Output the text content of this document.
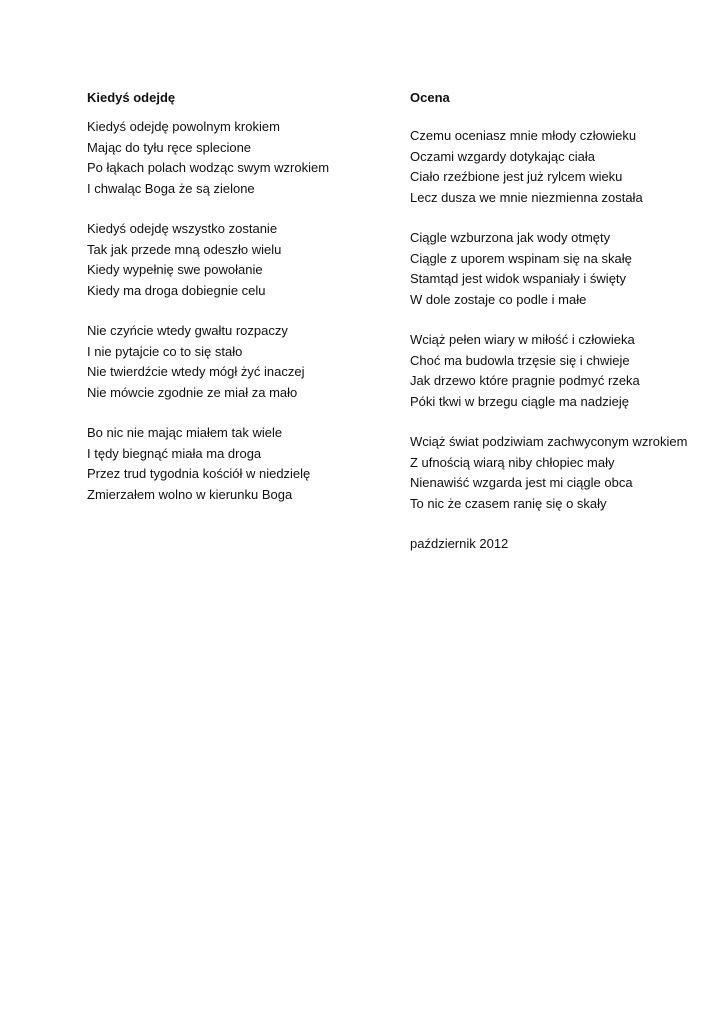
Kiedyś odejdę

Kiedyś odejdę powolnym krokiem
Mając do tyłu ręce splecione
Po łąkach polach wodząc swym wzrokiem
I chwaląc Boga że są zielone
Kiedyś odejdę wszystko zostanie
Tak jak przede mną odeszło wielu
Kiedy wypełnię swe powołanie
Kiedy ma droga dobiegnie celu
Nie czyńcie wtedy gwałtu rozpaczy
I nie pytajcie co to się stało
Nie twierdźcie wtedy mógł żyć inaczej
Nie mówcie zgodnie ze miał za mało
Bo nic nie mając miałem tak wiele
I tędy biegnąć miała ma droga
Przez trud tygodnia kościół w niedzielę
Zmierzałem wolno w kierunku Boga

Ocena

Czemu oceniasz mnie młody człowieku
Oczami wzgardy dotykając ciała
Ciało rzeźbione jest już rylcem wieku
Lecz dusza we mnie niezmienna została
Ciągle wzburzona jak wody otmęty
Ciągle z uporem wspinam się na skałę
Stamtąd jest widok wspaniały i święty
W dole zostaje co podle i małe
Wciąż pełen wiary w miłość i człowieka
Choć ma budowla trzęsie się i chwieje
Jak drzewo które pragnie podmyć rzeka
Póki tkwi w brzegu ciągle ma nadzieję
Wciąż świat podziwiam zachwyconym wzrokiem
Z ufnością wiarą niby chłopiec mały
Nienawiść wzgarda jest mi ciągle obca
To nic że czasem ranię się o skały
październik 2012
